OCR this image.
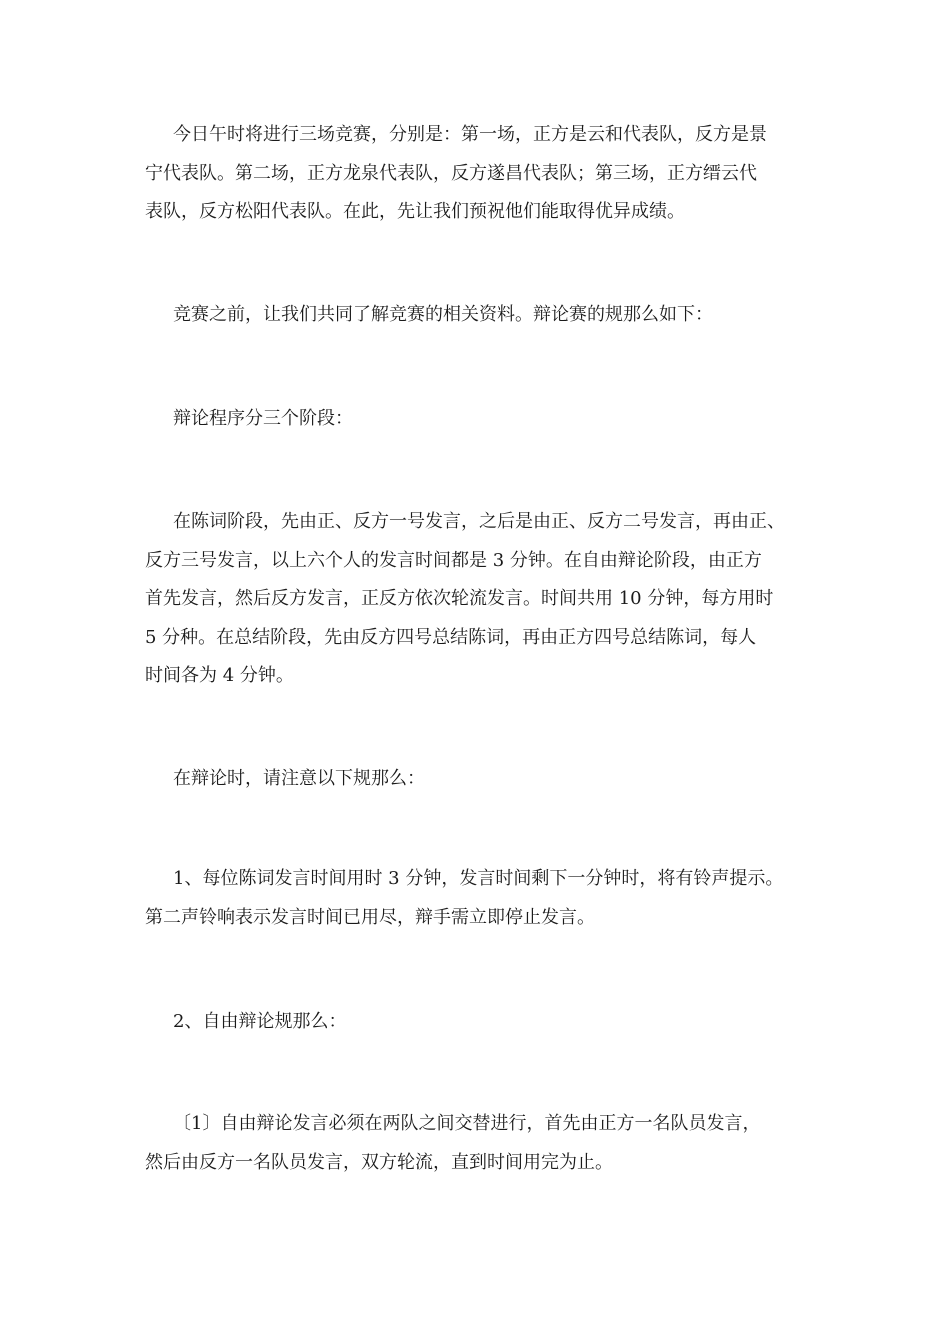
今日午时将进行三场竞赛，分别是：第一场，正方是云和代表队，反方是景
宁代表队。第二场，正方龙泉代表队，反方遂昌代表队；第三场，正方缙云代
表队，反方松阳代表队。在此，先让我们预祝他们能取得优异成绩。
竞赛之前，让我们共同了解竞赛的相关资料。辩论赛的规那么如下：
辩论程序分三个阶段：
在陈词阶段，先由正、反方一号发言，之后是由正、反方二号发言，再由正、
反方三号发言，以上六个人的发言时间都是 3 分钟。在自由辩论阶段，由正方
首先发言，然后反方发言，正反方依次轮流发言。时间共用 10 分钟，每方用时
5 分种。在总结阶段，先由反方四号总结陈词，再由正方四号总结陈词，每人
时间各为 4 分钟。
在辩论时，请注意以下规那么：
1、每位陈词发言时间用时 3 分钟，发言时间剩下一分钟时，将有铃声提示。
第二声铃响表示发言时间已用尽，辩手需立即停止发言。
2、自由辩论规那么：
〔1〕自由辩论发言必须在两队之间交替进行，首先由正方一名队员发言，
然后由反方一名队员发言，双方轮流，直到时间用完为止。
